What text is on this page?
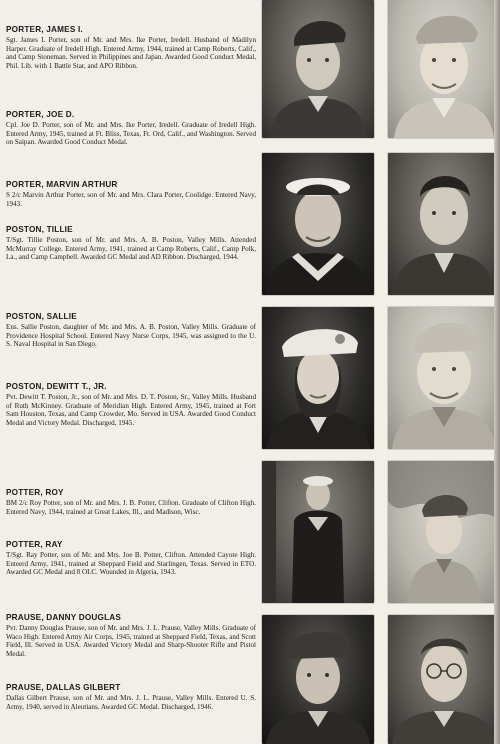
PORTER, JAMES I.
Sgt. James I. Porter, son of Mr. and Mrs. Ike Porter, Iredell. Husband of Madilyn Harper. Graduate of Iredell High. Entered Army, 1944, trained at Camp Roberts, Calif., and Camp Stoneman. Served in Philippines and Japan. Awarded Good Conduct Medal, Phil. Lib. with 1 Battle Star, and APO Ribbon.
PORTER, JOE D.
Cpl. Joe D. Porter, son of Mr. and Mrs. Ike Porter, Iredell. Graduate of Iredell High. Entered Army, 1945, trained at Ft. Bliss, Texas, Ft. Ord, Calif., and Washington. Served on Saipan. Awarded Good Conduct Medal.
PORTER, MARVIN ARTHUR
S 2/c Marvin Arthur Porter, son of Mr. and Mrs. Clara Porter, Coolidge. Entered Navy, 1943.
POSTON, TILLIE
T/Sgt. Tillie Poston, son of Mr. and Mrs. A. B. Poston, Valley Mills. Attended McMurray College. Entered Army, 1941, trained at Camp Roberts, Calif., Camp Polk, La., and Camp Campbell. Awarded GC Medal and AD Ribbon. Discharged, 1944.
POSTON, SALLIE
Ens. Sallie Poston, daughter of Mr. and Mrs. A. B. Poston, Valley Mills. Graduate of Providence Hospital School. Entered Navy Nurse Corps, 1945, was assigned to the U. S. Naval Hospital in San Diego.
POSTON, DEWITT T., JR.
Pvt. Dewitt T. Poston, Jr., son of Mr. and Mrs. D. T. Poston, Sr., Valley Mills. Husband of Ruth McKinney. Graduate of Meridian High. Entered Army, 1945, trained at Fort Sam Houston, Texas, and Camp Crowder, Mo. Served in USA. Awarded Good Conduct Medal and Victory Medal. Discharged, 1945.
POTTER, ROY
BM 2/c Roy Potter, son of Mr. and Mrs. J. B. Potter, Clifton. Graduate of Clifton High. Entered Navy, 1944, trained at Great Lakes, Ill., and Madison, Wisc.
POTTER, RAY
T/Sgt. Ray Potter, son of Mr. and Mrs. Joe B. Potter, Clifton. Attended Cayote High. Enteerd Army, 1941, trained at Sheppard Field and Starlingen, Texas. Served in ETO. Awarded GC Medal and 8 OLC. Wounded in Algeria, 1943.
PRAUSE, DANNY DOUGLAS
Pvt. Danny Douglas Prause, son of Mr. and Mrs. J. L. Prause, Valley Mills. Graduate of Waco High. Entered Army Air Corps, 1945, trained at Sheppard Field, Texas, and Scott Field, Ill. Served in USA. Awarded Victory Medal and Sharp-Shooter Rifle and Pistol Medal.
PRAUSE, DALLAS GILBERT
Dallas Gilbert Prause, son of Mr. and Mrs. J. L. Prause, Valley Mills. Entered U. S. Army, 1940, served in Aleutians. Awarded GC Medal. Discharged, 1946.
